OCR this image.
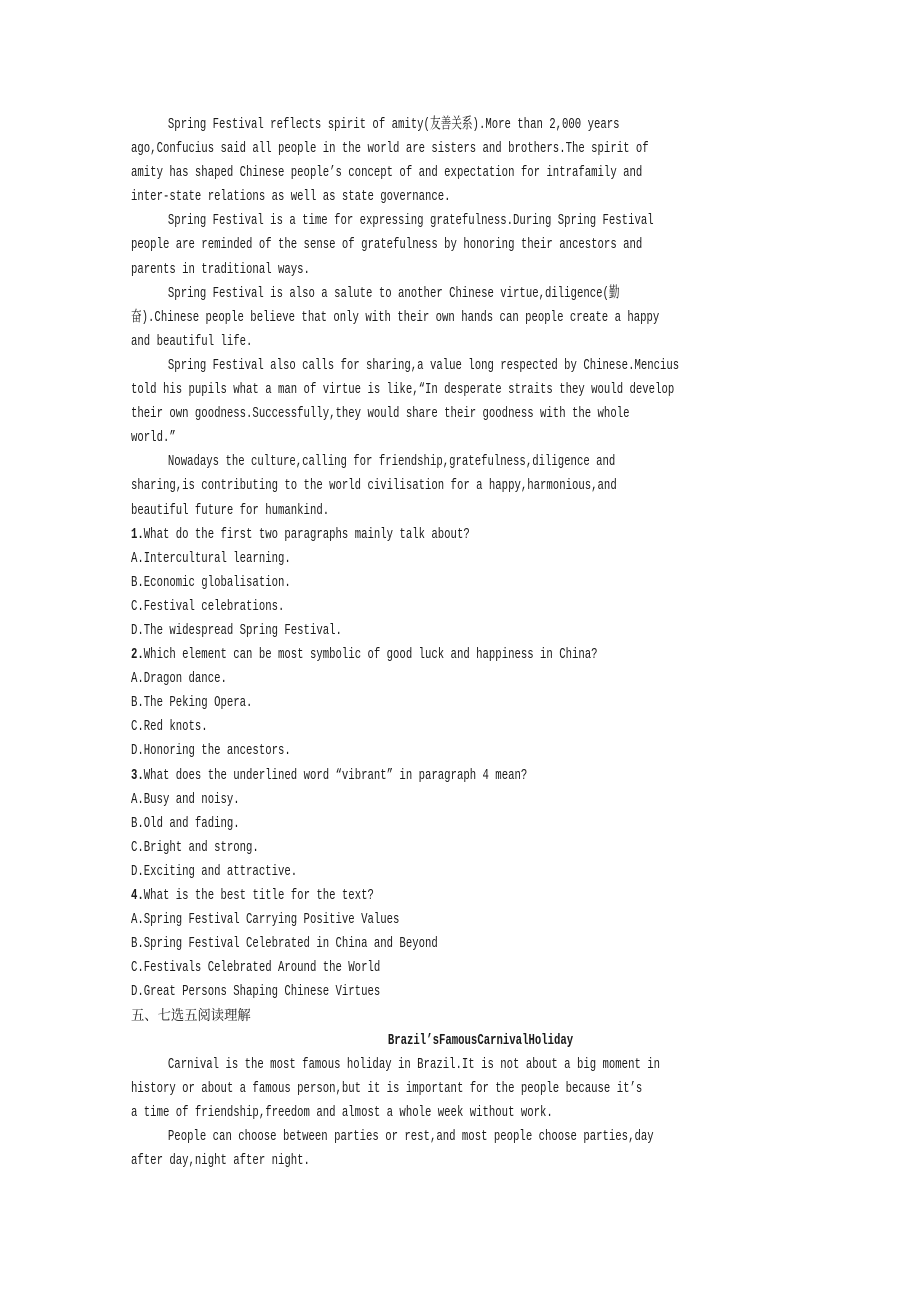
Spring Festival reflects spirit of amity(友善关系).More than 2,000 years
ago,Confucius said all people in the world are sisters and brothers.The spirit of
amity has shaped Chinese people’s concept of and expectation for intrafamily and
inter-state relations as well as state governance.
Spring Festival is a time for expressing gratefulness.During Spring Festival
people are reminded of the sense of gratefulness by honoring their ancestors and
parents in traditional ways.
Spring Festival is also a salute to another Chinese virtue,diligence(勤
奋).Chinese people believe that only with their own hands can people create a happy
and beautiful life.
Spring Festival also calls for sharing,a value long respected by Chinese.Mencius
told his pupils what a man of virtue is like,“In desperate straits they would develop
their own goodness.Successfully,they would share their goodness with the whole
world.”
Nowadays the culture,calling for friendship,gratefulness,diligence and
sharing,is contributing to the world civilisation for a happy,harmonious,and
beautiful future for humankind.
1.What do the first two paragraphs mainly talk about?
A.Intercultural learning.
B.Economic globalisation.
C.Festival celebrations.
D.The widespread Spring Festival.
2.Which element can be most symbolic of good luck and happiness in China?
A.Dragon dance.
B.The Peking Opera.
C.Red knots.
D.Honoring the ancestors.
3.What does the underlined word “vibrant” in paragraph 4 mean?
A.Busy and noisy.
B.Old and fading.
C.Bright and strong.
D.Exciting and attractive.
4.What is the best title for the text?
A.Spring Festival Carrying Positive Values
B.Spring Festival Celebrated in China and Beyond
C.Festivals Celebrated Around the World
D.Great Persons Shaping Chinese Virtues
五、七选五阅读理解
Brazil’sFamousCarnivalHoliday
Carnival is the most famous holiday in Brazil.It is not about a big moment in
history or about a famous person,but it is important for the people because it’s
a time of friendship,freedom and almost a whole week without work.
People can choose between parties or rest,and most people choose parties,day
after day,night after night.
